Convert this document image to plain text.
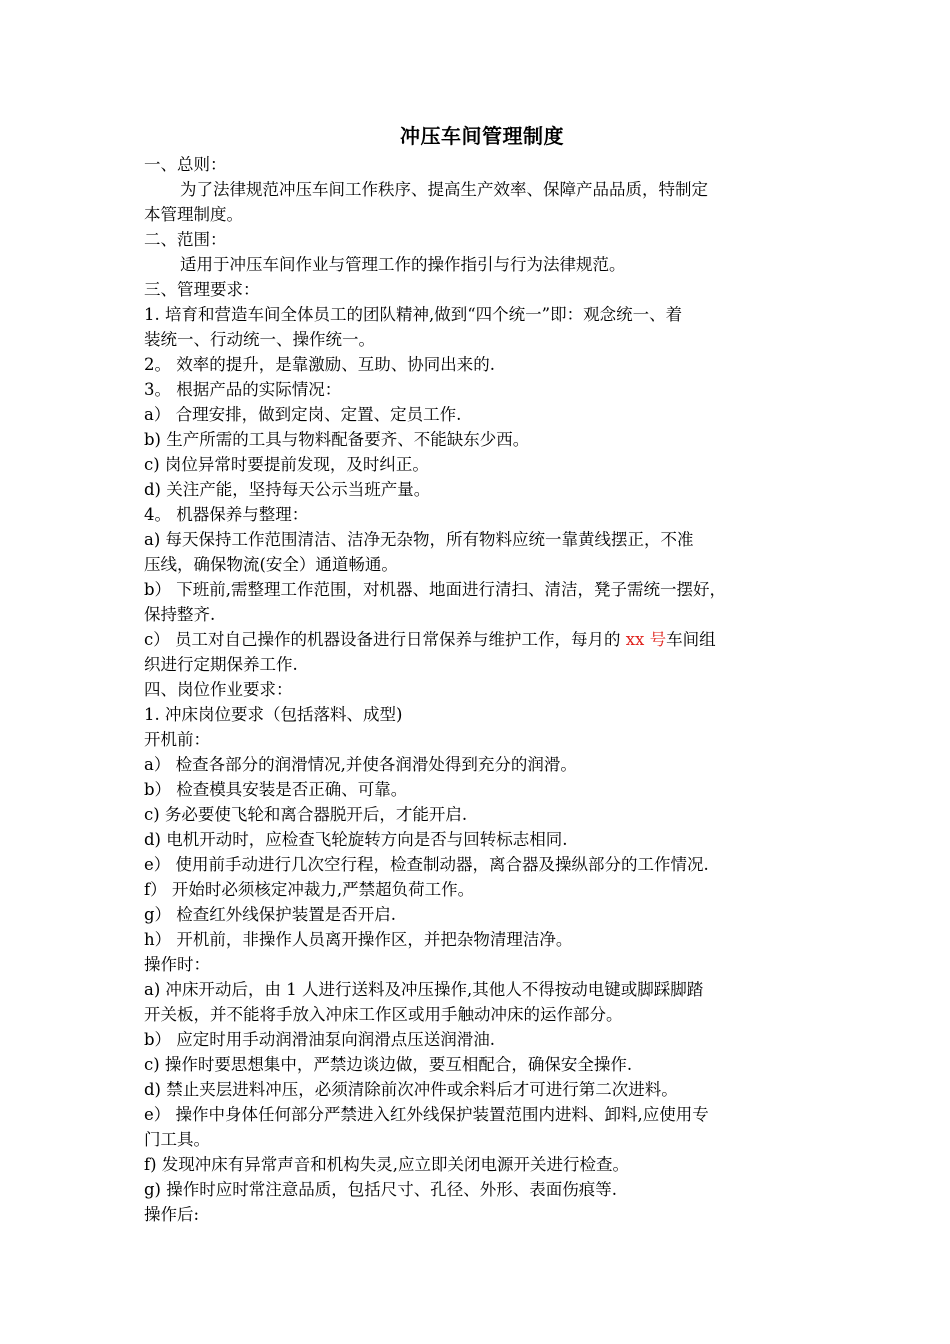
冲压车间管理制度
一、总则：
为了法律规范冲压车间工作秩序、提高生产效率、保障产品品质，特制定
本管理制度。
二、范围：
适用于冲压车间作业与管理工作的操作指引与行为法律规范。
三、管理要求：
1. 培育和营造车间全体员工的团队精神,做到“四个统一”即：观念统一、着
装统一、行动统一、操作统一。
2。 效率的提升，是靠激励、互助、协同出来的.
3。 根据产品的实际情况：
a） 合理安排，做到定岗、定置、定员工作.
b) 生产所需的工具与物料配备要齐、不能缺东少西。
c) 岗位异常时要提前发现，及时纠正。
d) 关注产能，坚持每天公示当班产量。
4。 机器保养与整理：
a) 每天保持工作范围清洁、洁净无杂物，所有物料应统一靠黄线摆正，不准
压线，确保物流(安全）通道畅通。
b） 下班前,需整理工作范围，对机器、地面进行清扫、清洁，凳子需统一摆好，
保持整齐.
c） 员工对自己操作的机器设备进行日常保养与维护工作，每月的 xx 号车间组
织进行定期保养工作.
四、岗位作业要求：
1. 冲床岗位要求（包括落料、成型)
开机前：
a） 检查各部分的润滑情况,并使各润滑处得到充分的润滑。
b） 检查模具安装是否正确、可靠。
c) 务必要使飞轮和离合器脱开后，才能开启.
d) 电机开动时，应检查飞轮旋转方向是否与回转标志相同.
e） 使用前手动进行几次空行程，检查制动器，离合器及操纵部分的工作情况.
f） 开始时必须核定冲裁力,严禁超负荷工作。
g） 检查红外线保护装置是否开启.
h） 开机前，非操作人员离开操作区，并把杂物清理洁净。
操作时：
a) 冲床开动后，由 1 人进行送料及冲压操作,其他人不得按动电键或脚踩脚踏
开关板，并不能将手放入冲床工作区或用手触动冲床的运作部分。
b） 应定时用手动润滑油泵向润滑点压送润滑油.
c) 操作时要思想集中，严禁边谈边做，要互相配合，确保安全操作.
d) 禁止夹层进料冲压，必须清除前次冲件或余料后才可进行第二次进料。
e） 操作中身体任何部分严禁进入红外线保护装置范围内进料、卸料,应使用专
门工具。
f) 发现冲床有异常声音和机构失灵,应立即关闭电源开关进行检查。
g) 操作时应时常注意品质，包括尺寸、孔径、外形、表面伤痕等.
操作后:
